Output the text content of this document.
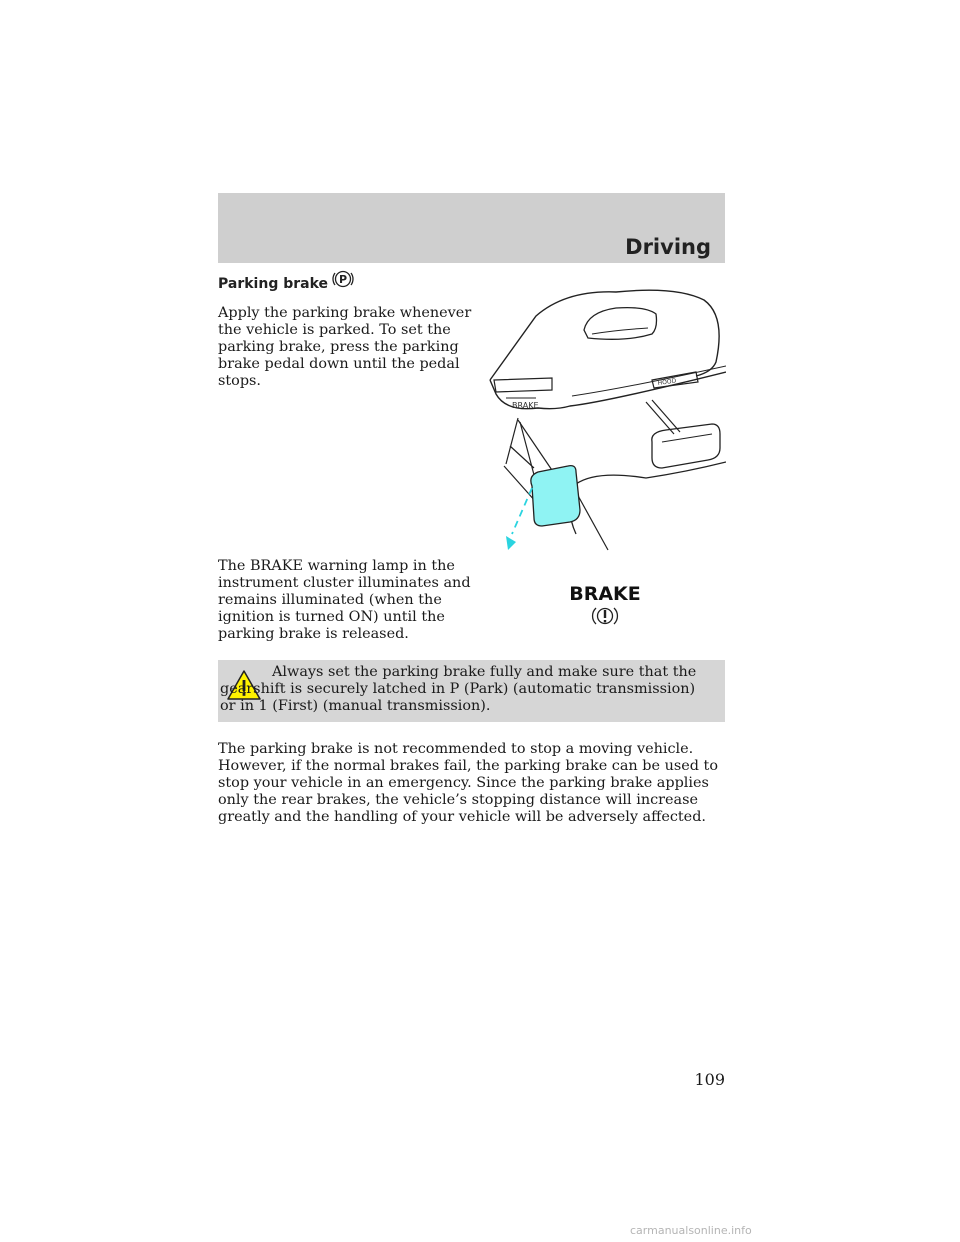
Driving
Parking brake P
Apply the parking brake whenever the vehicle is parked. To set the parking brake, press the parking brake pedal down until the pedal stops.
BRAKE
HOOD
The BRAKE warning lamp in the instrument cluster illuminates and remains illuminated (when the ignition is turned ON) until the parking brake is released.
BRAKE
Always set the parking brake fully and make sure that the gearshift is securely latched in P (Park) (automatic transmission) or in 1 (First) (manual transmission).
The parking brake is not recommended to stop a moving vehicle. However, if the normal brakes fail, the parking brake can be used to stop your vehicle in an emergency. Since the parking brake applies only the rear brakes, the vehicle’s stopping distance will increase greatly and the handling of your vehicle will be adversely affected.
109
carmanualsonline.info
